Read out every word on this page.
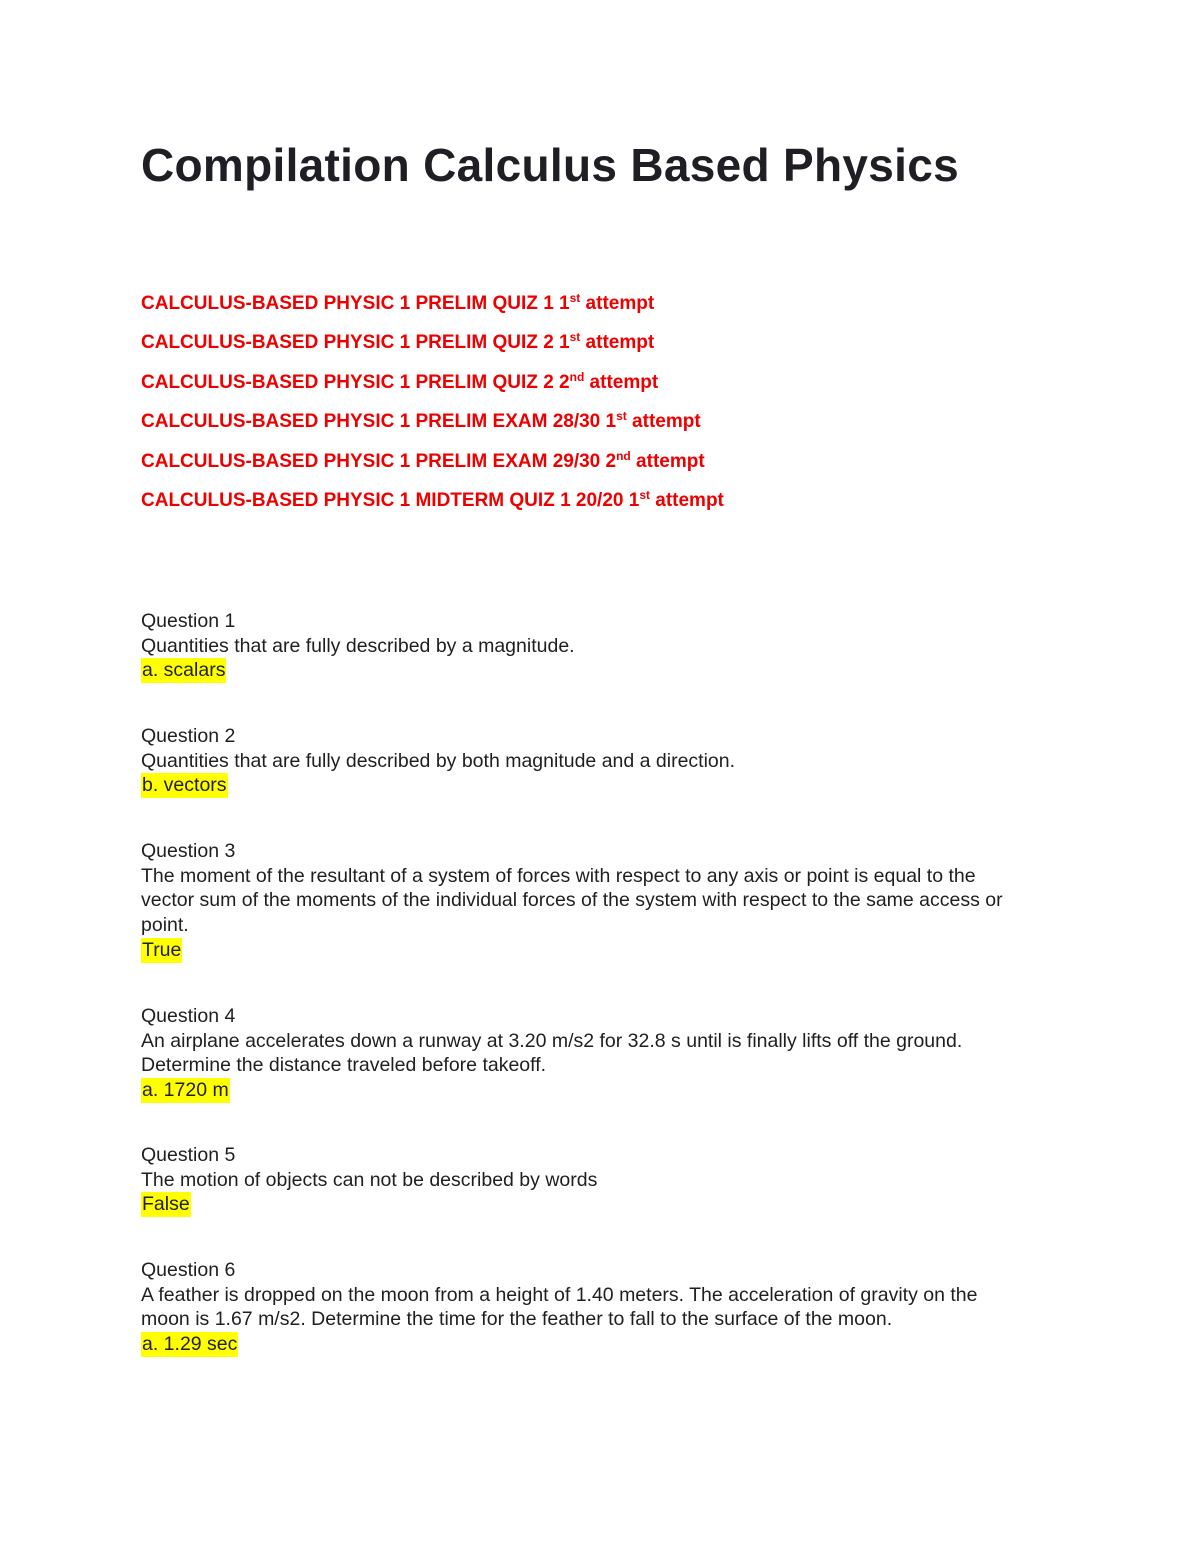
Compilation Calculus Based Physics
CALCULUS-BASED PHYSIC 1 PRELIM QUIZ 1 1st attempt
CALCULUS-BASED PHYSIC 1 PRELIM QUIZ 2 1st attempt
CALCULUS-BASED PHYSIC 1 PRELIM QUIZ 2 2nd attempt
CALCULUS-BASED PHYSIC 1 PRELIM EXAM 28/30 1st attempt
CALCULUS-BASED PHYSIC 1 PRELIM EXAM 29/30 2nd attempt
CALCULUS-BASED PHYSIC 1 MIDTERM QUIZ 1 20/20 1st attempt
Question 1
Quantities that are fully described by a magnitude.
a. scalars
Question 2
Quantities that are fully described by both magnitude and a direction.
b. vectors
Question 3
The moment of the resultant of a system of forces with respect to any axis or point is equal to the
vector sum of the moments of the individual forces of the system with respect to the same access or
point.
True
Question 4
An airplane accelerates down a runway at 3.20 m/s2 for 32.8 s until is finally lifts off the ground.
Determine the distance traveled before takeoff.
a. 1720 m
Question 5
The motion of objects can not be described by words
False
Question 6
A feather is dropped on the moon from a height of 1.40 meters. The acceleration of gravity on the
moon is 1.67 m/s2. Determine the time for the feather to fall to the surface of the moon.
a. 1.29 sec
